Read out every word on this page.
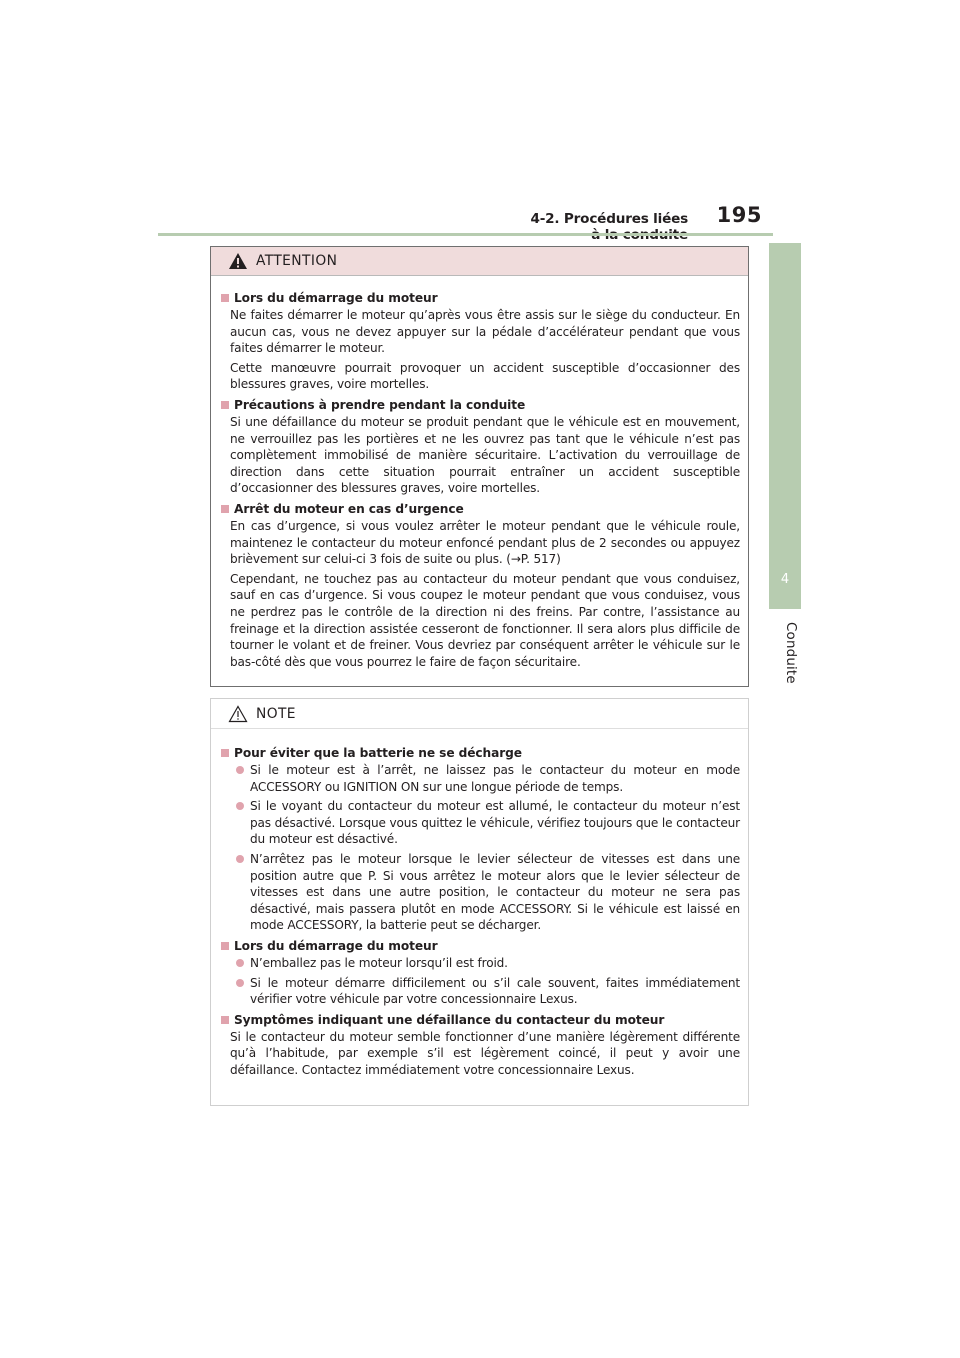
4-2. Procédures liées	195
4
Conduite
ATTENTION
Lors du démarrage du moteur
Ne faites démarrer le moteur qu’après vous être assis sur le siège du conducteur. En aucun cas, vous ne devez appuyer sur la pédale d’accélérateur pendant que vous faites démarrer le moteur.
Cette manœuvre pourrait provoquer un accident susceptible d’occasionner des blessures graves, voire mortelles.
Précautions à prendre pendant la conduite
Si une défaillance du moteur se produit pendant que le véhicule est en mouvement, ne verrouillez pas les portières et ne les ouvrez pas tant que le véhicule n’est pas complètement immobilisé de manière sécuritaire. L’activation du verrouillage de direction dans cette situation pourrait entraîner un accident susceptible d’occasionner des blessures graves, voire mortelles.
Arrêt du moteur en cas d’urgence
En cas d’urgence, si vous voulez arrêter le moteur pendant que le véhicule roule, maintenez le contacteur du moteur enfoncé pendant plus de 2 secondes ou appuyez brièvement sur celui-ci 3 fois de suite ou plus. (→P. 517)
Cependant, ne touchez pas au contacteur du moteur pendant que vous conduisez, sauf en cas d’urgence. Si vous coupez le moteur pendant que vous conduisez, vous ne perdrez pas le contrôle de la direction ni des freins. Par contre, l’assistance au freinage et la direction assistée cesseront de fonctionner. Il sera alors plus difficile de tourner le volant et de freiner. Vous devriez par conséquent arrêter le véhicule sur le bas-côté dès que vous pourrez le faire de façon sécuritaire.
NOTE
Pour éviter que la batterie ne se décharge
Si le moteur est à l’arrêt, ne laissez pas le contacteur du moteur en mode ACCESSORY ou IGNITION ON sur une longue période de temps.
Si le voyant du contacteur du moteur est allumé, le contacteur du moteur n’est pas désactivé. Lorsque vous quittez le véhicule, vérifiez toujours que le contacteur du moteur est désactivé.
N’arrêtez pas le moteur lorsque le levier sélecteur de vitesses est dans une position autre que P. Si vous arrêtez le moteur alors que le levier sélecteur de vitesses est dans une autre position, le contacteur du moteur ne sera pas désactivé, mais passera plutôt en mode ACCESSORY. Si le véhicule est laissé en mode ACCESSORY, la batterie peut se décharger.
Lors du démarrage du moteur
N’emballez pas le moteur lorsqu’il est froid.
Si le moteur démarre difficilement ou s’il cale souvent, faites immédiatement vérifier votre véhicule par votre concessionnaire Lexus.
Symptômes indiquant une défaillance du contacteur du moteur
Si le contacteur du moteur semble fonctionner d’une manière légèrement différente qu’à l’habitude, par exemple s’il est légèrement coincé, il peut y avoir une défaillance. Contactez immédiatement votre concessionnaire Lexus.
